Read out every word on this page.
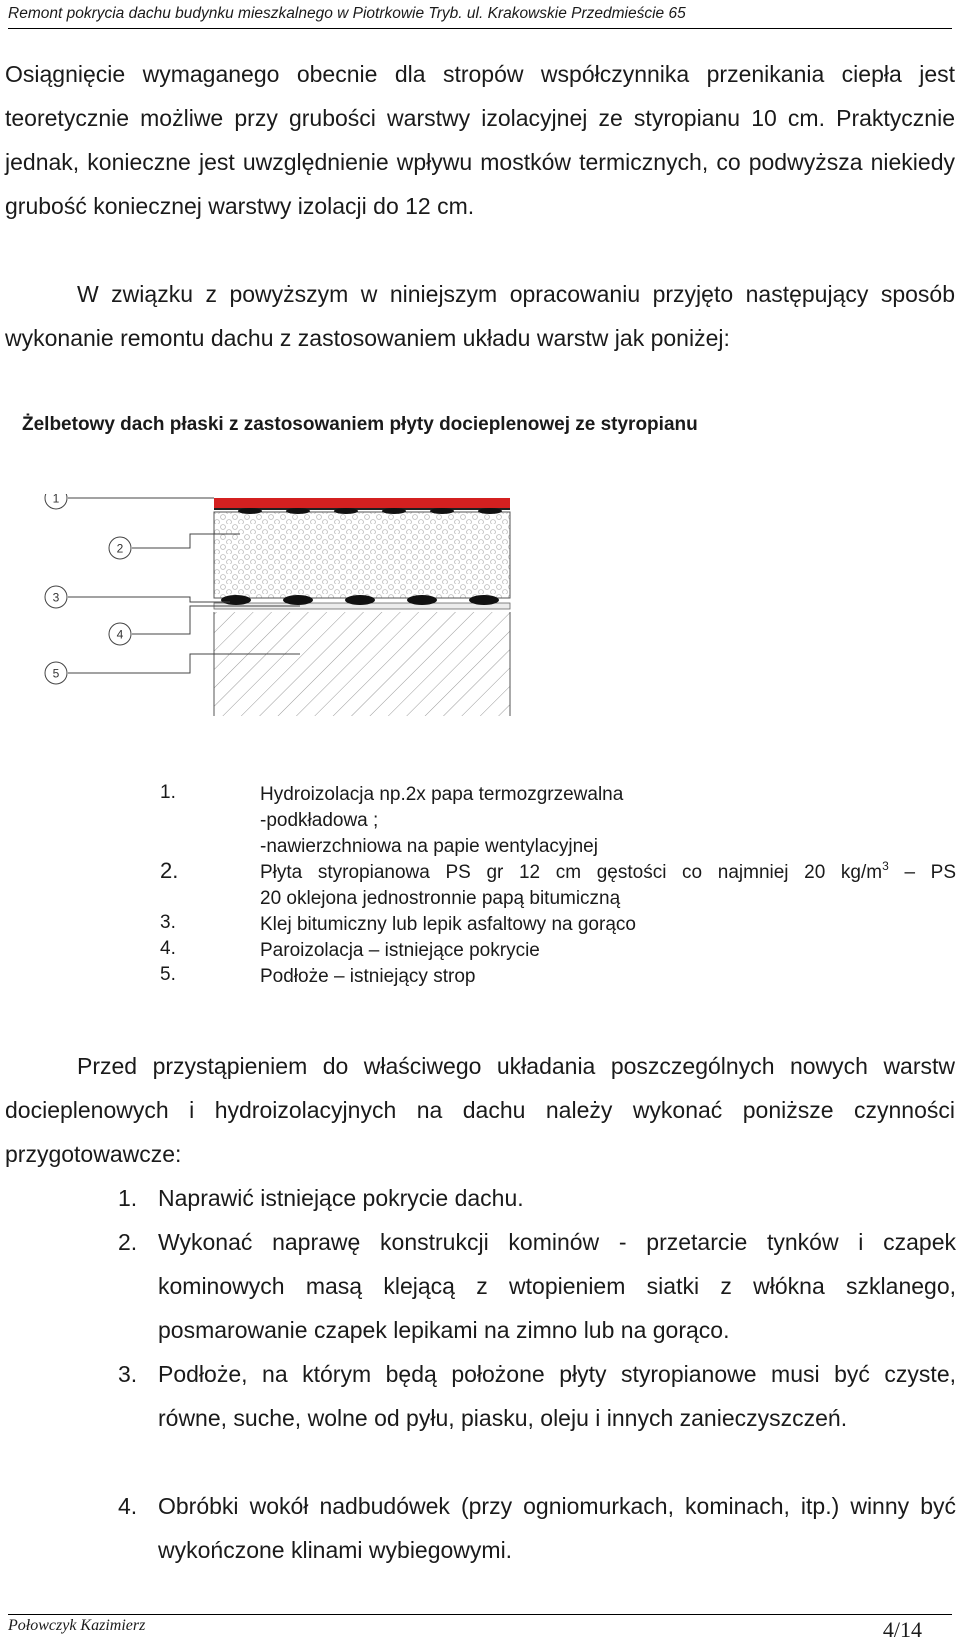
Remont pokrycia dachu budynku mieszkalnego w Piotrkowie Tryb. ul. Krakowskie Przedmieście 65
Osiągnięcie wymaganego obecnie dla stropów współczynnika przenikania ciepła jest teoretycznie możliwe przy grubości warstwy izolacyjnej ze styropianu 10 cm. Praktycznie jednak, konieczne jest uwzględnienie wpływu mostków termicznych, co podwyższa niekiedy grubość koniecznej warstwy izolacji do 12 cm.
W związku z powyższym w niniejszym opracowaniu przyjęto następujący sposób wykonanie remontu dachu z zastosowaniem układu warstw jak poniżej:
Żelbetowy dach płaski z zastosowaniem płyty docieplenowej ze styropianu
1
2
3
4
5
1.	Hydroizolacja np.2x papa termozgrzewalna
-podkładowa ;
-nawierzchniowa na papie wentylacyjnej
2.	Płyta styropianowa PS gr 12 cm gęstości co najmniej 20 $kg/m^3$ – PS
20 oklejona jednostronnie papą bitumiczną
3.	Klej bitumiczny lub lepik asfaltowy na gorąco
4.	Paroizolacja – istniejące pokrycie
5.	Podłoże – istniejący strop
Przed przystąpieniem do właściwego układania poszczególnych nowych warstw docieplenowych i hydroizolacyjnych na dachu należy wykonać poniższe czynności przygotowawcze:
1. Naprawić istniejące pokrycie dachu.
2. Wykonać naprawę konstrukcji kominów - przetarcie tynków i czapek kominowych masą klejącą z wtopieniem siatki z włókna szklanego, posmarowanie czapek lepikami na zimno lub na gorąco.
3. Podłoże, na którym będą położone płyty styropianowe musi być czyste, równe, suche, wolne od pyłu, piasku, oleju i innych zanieczyszczeń.
4. Obróbki wokół nadbudówek (przy ogniomurkach, kominach, itp.) winny być wykończone klinami wybiegowymi.
Połowczyk Kazimierz	4/14
